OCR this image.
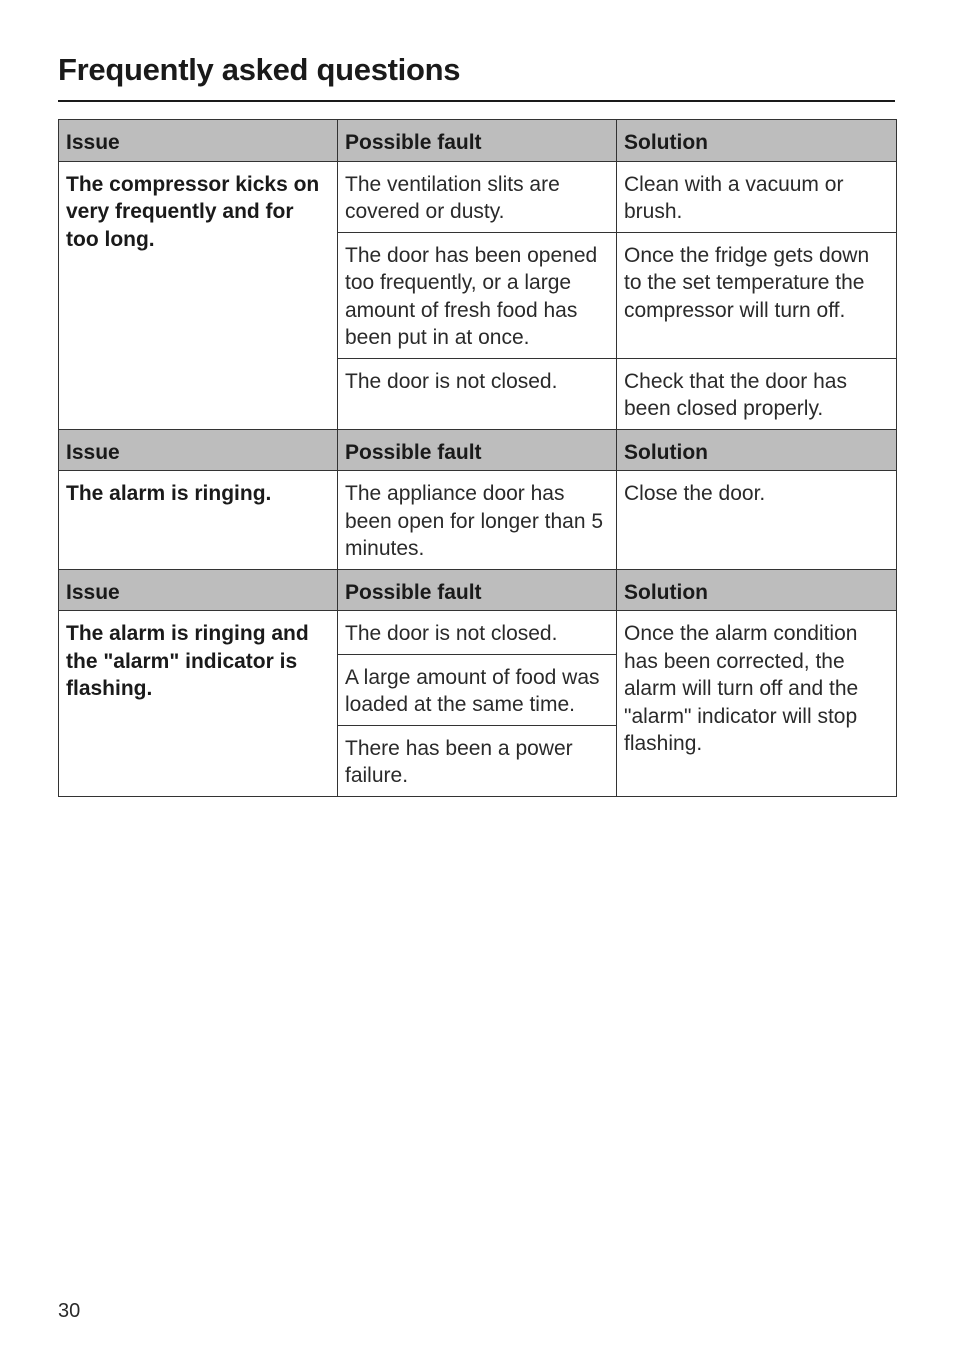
Frequently asked questions
Issue	Possible fault	Solution
The compressor kicks on very frequently and for too long.	The ventilation slits are covered or dusty.	Clean with a vacuum or brush.
	The door has been opened too frequently, or a large amount of fresh food has been put in at once.	Once the fridge gets down to the set temperature the compressor will turn off.
	The door is not closed.	Check that the door has been closed properly.
Issue	Possible fault	Solution
The alarm is ringing.	The appliance door has been open for longer than 5 minutes.	Close the door.
Issue	Possible fault	Solution
The alarm is ringing and the "alarm" indicator is flashing.	The door is not closed.	Once the alarm condition has been corrected, the alarm will turn off and the "alarm" indicator will stop flashing.
	A large amount of food was loaded at the same time.	
	There has been a power failure.	
30
